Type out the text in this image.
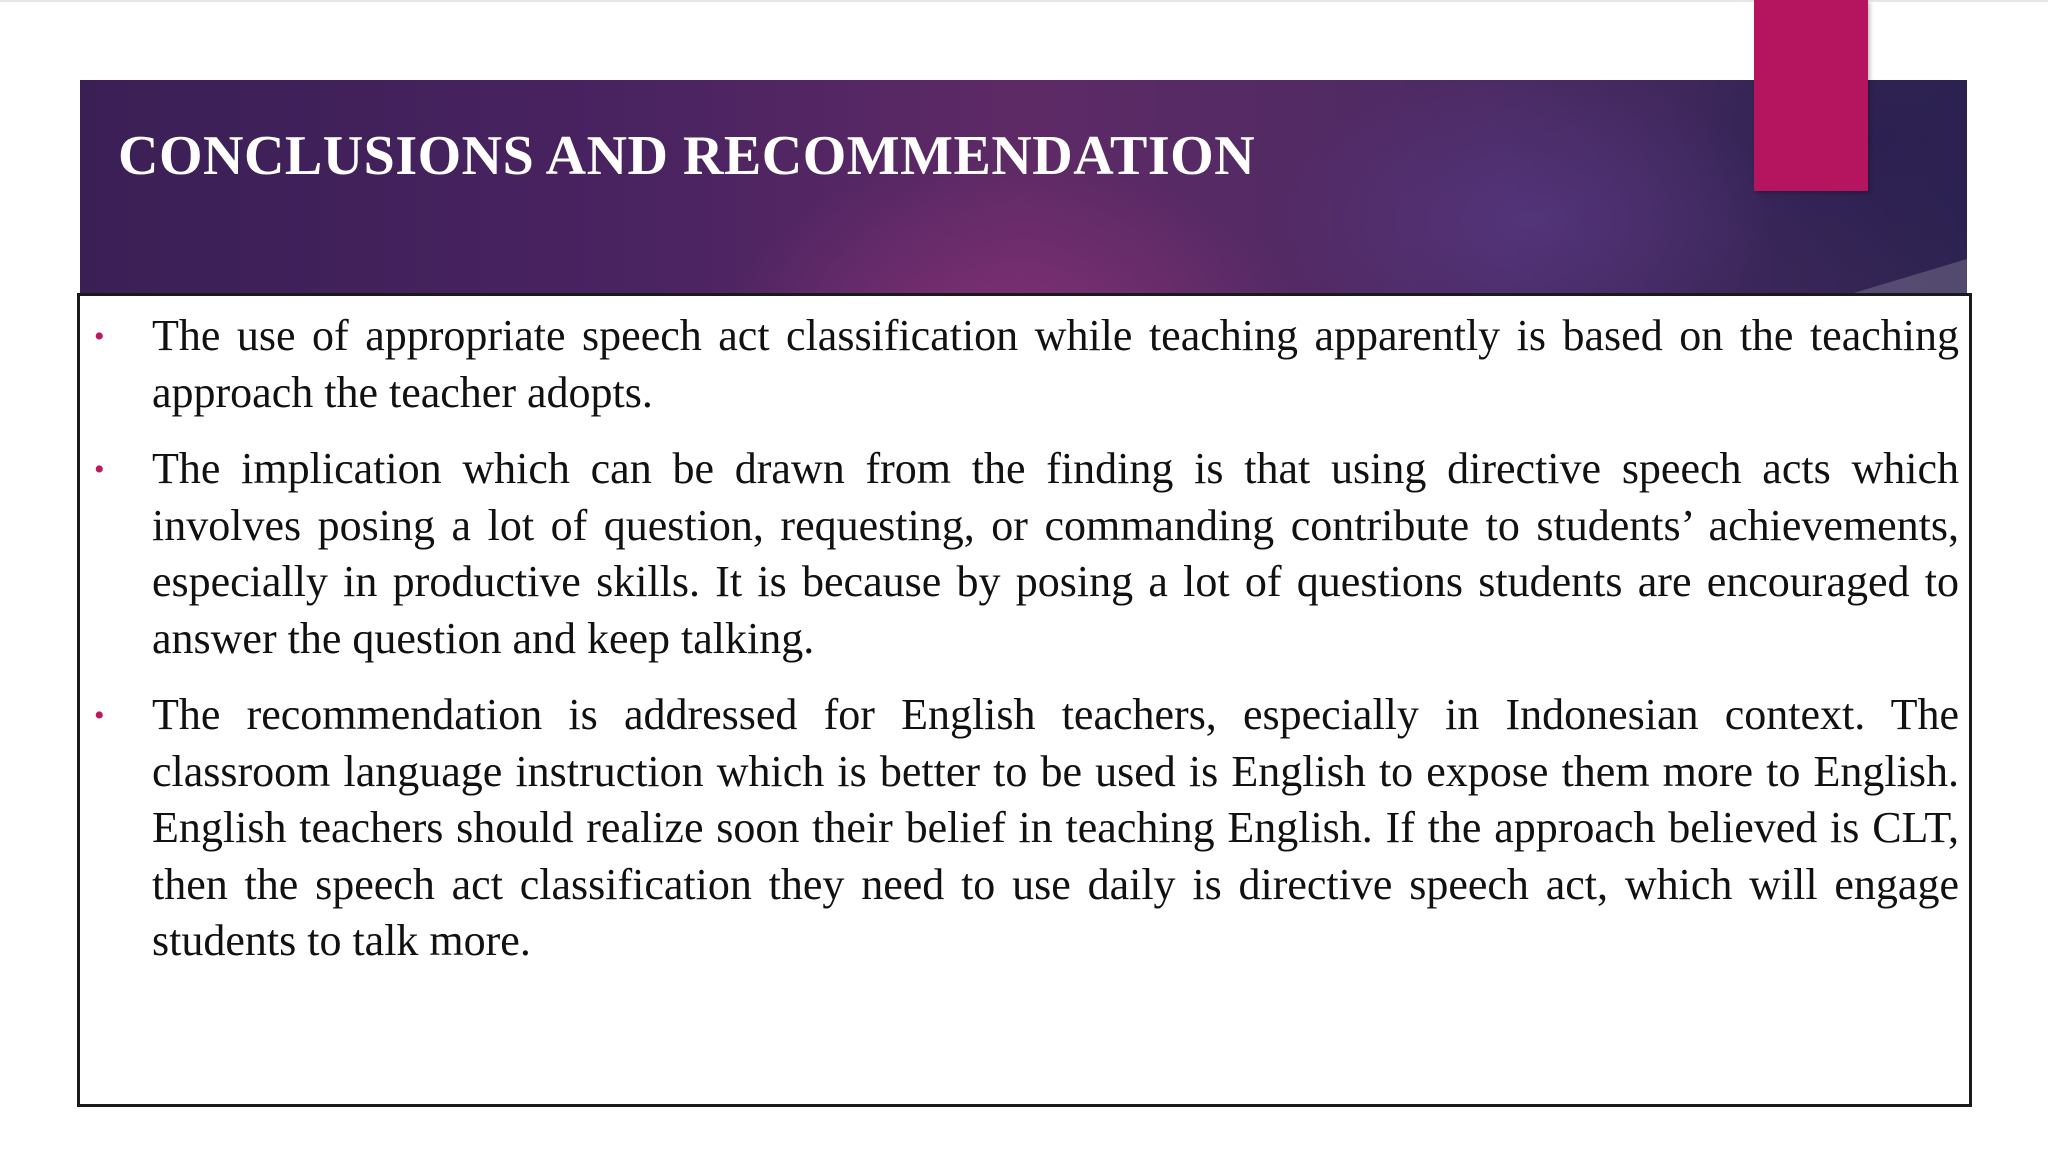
CONCLUSIONS AND RECOMMENDATION
• The use of appropriate speech act classification while teaching apparently is based on the teaching approach the teacher adopts.
• The implication which can be drawn from the finding is that using directive speech acts which involves posing a lot of question, requesting, or commanding contribute to students’ achievements, especially in productive skills. It is because by posing a lot of questions students are encouraged to answer the question and keep talking.
• The recommendation is addressed for English teachers, especially in Indonesian context. The classroom language instruction which is better to be used is English to expose them more to English. English teachers should realize soon their belief in teaching English. If the approach believed is CLT, then the speech act classification they need to use daily is directive speech act, which will engage students to talk more.
